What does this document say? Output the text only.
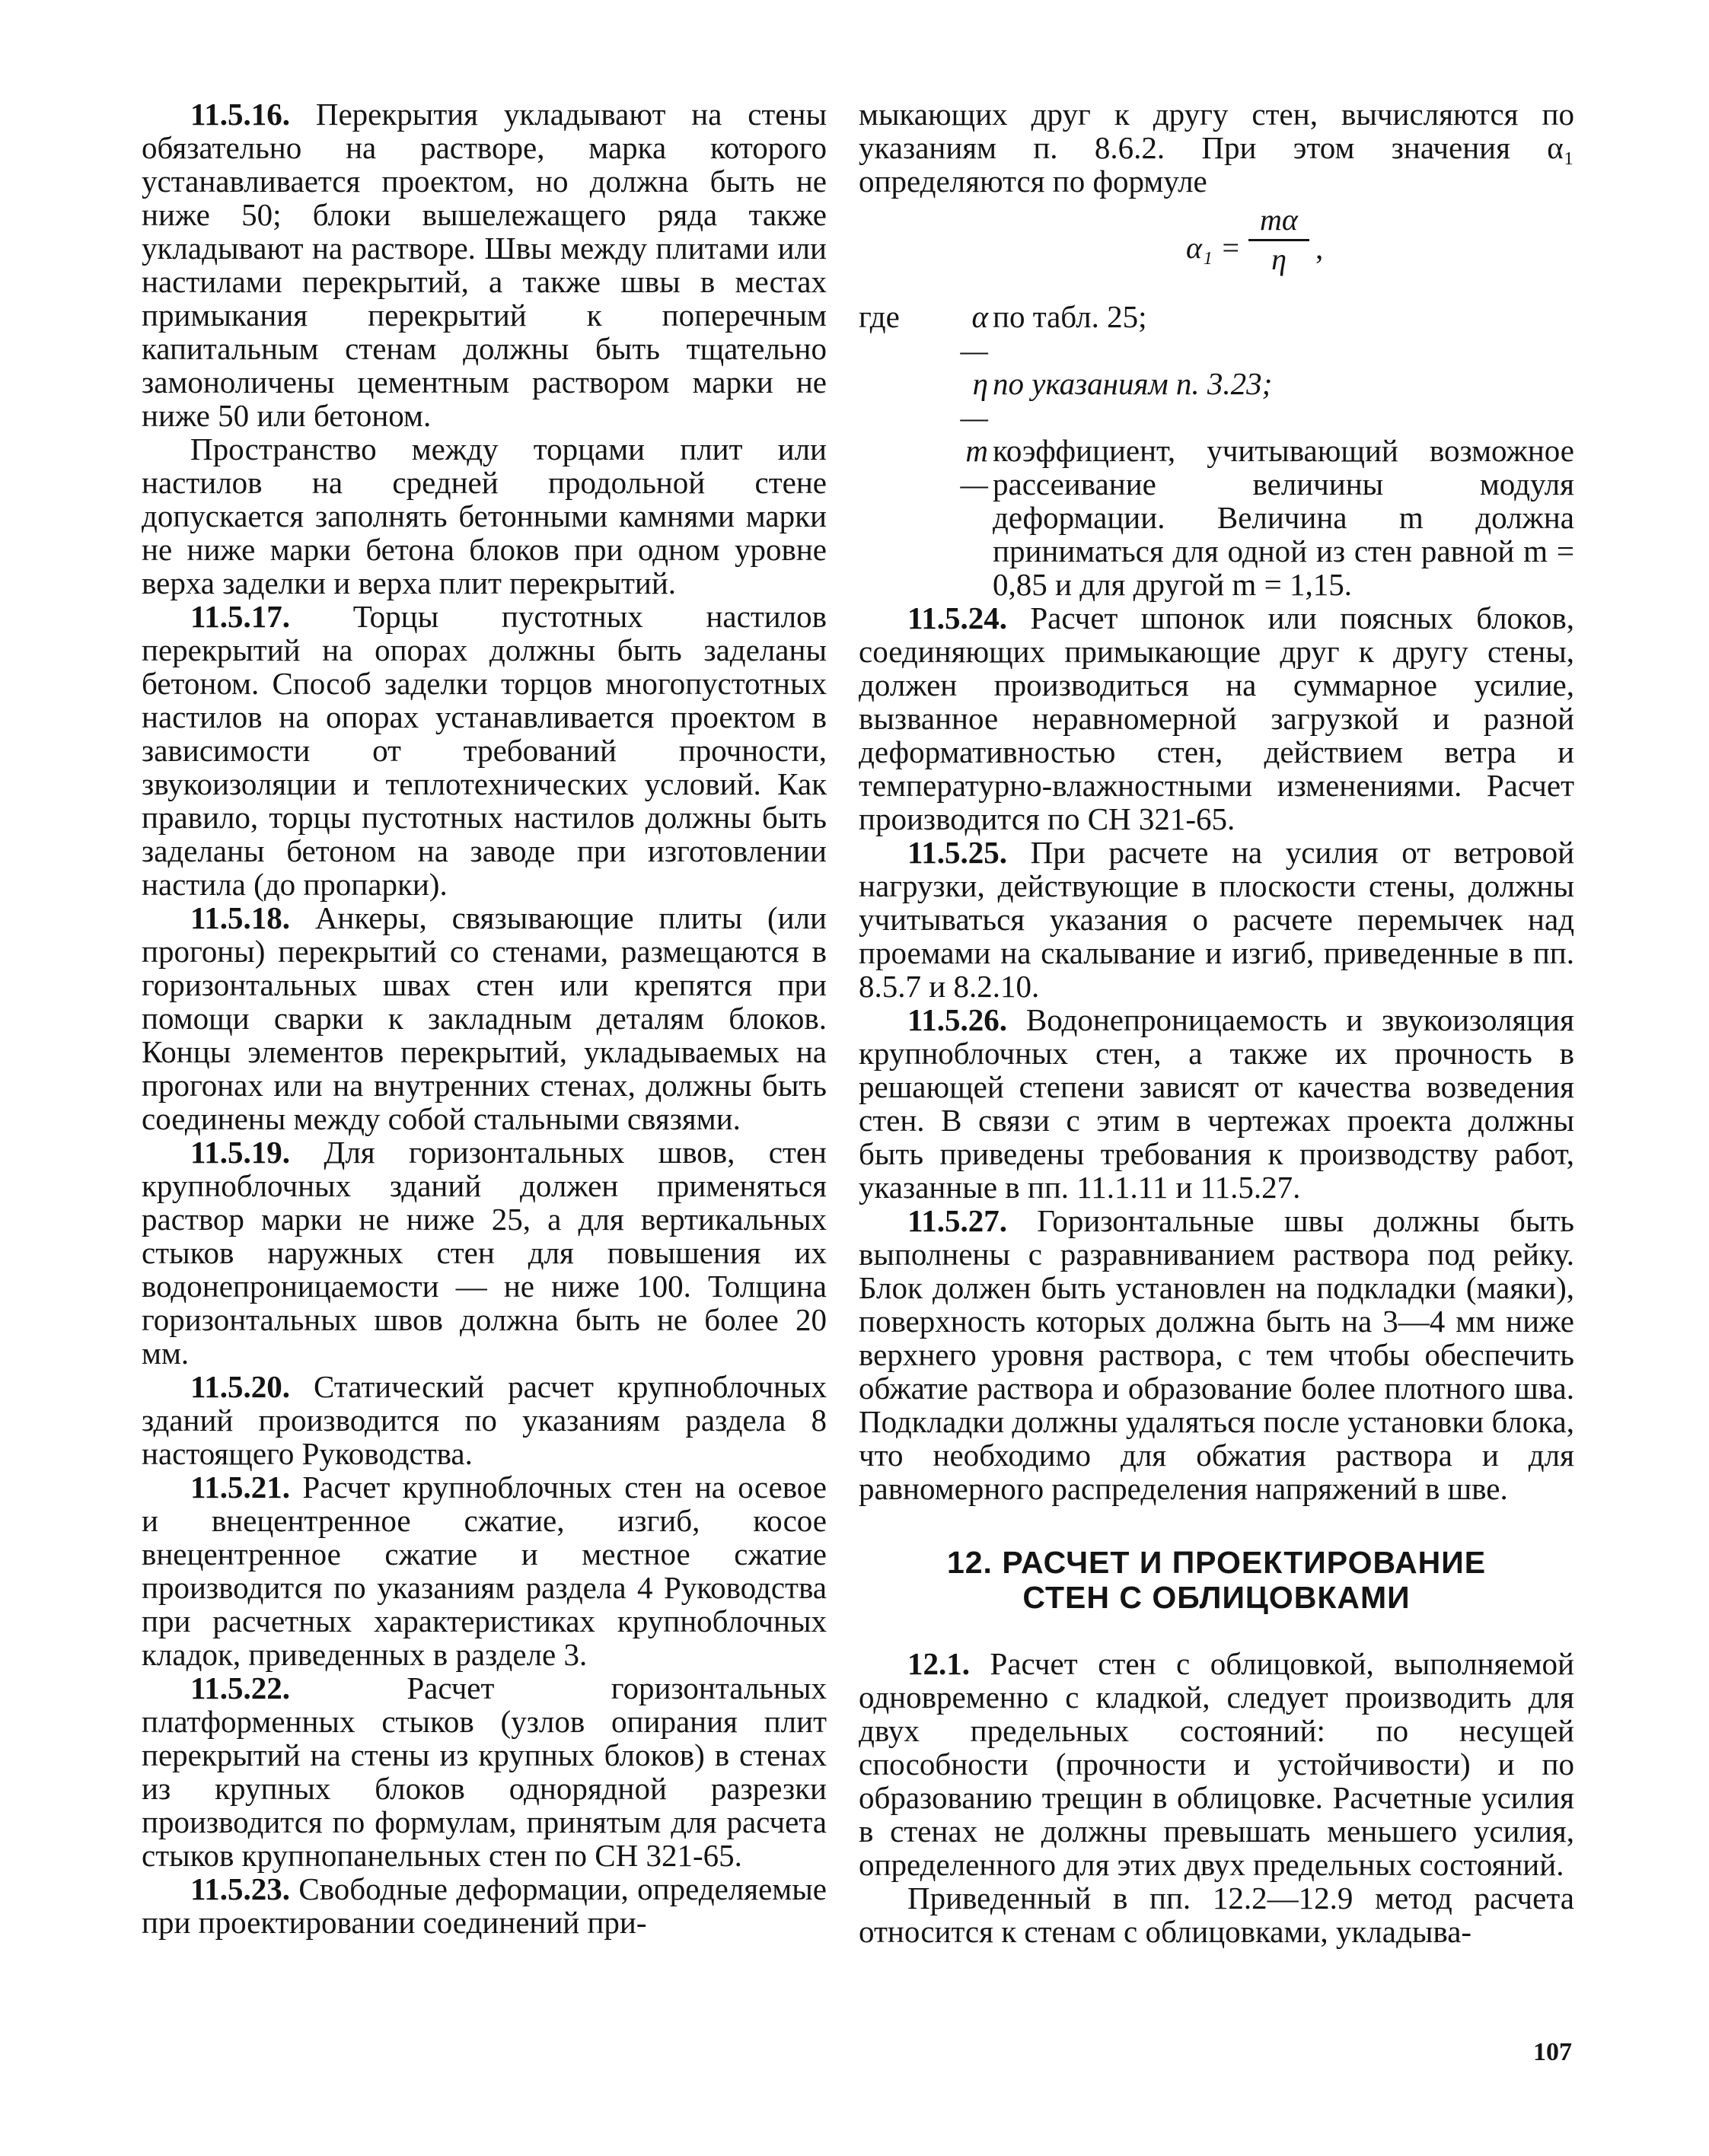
11.5.16. Перекрытия укладывают на стены обязательно на растворе, марка которого устанавливается проектом, но должна быть не ниже 50; блоки вышележащего ряда также укладывают на растворе. Швы между плитами или настилами перекрытий, а также швы в местах примыкания перекрытий к поперечным капитальным стенам должны быть тщательно замоноличены цементным раствором марки не ниже 50 или бетоном.

Пространство между торцами плит или настилов на средней продольной стене допускается заполнять бетонными камнями марки не ниже марки бетона блоков при одном уровне верха заделки и верха плит перекрытий.

11.5.17. Торцы пустотных настилов перекрытий на опорах должны быть заделаны бетоном. Способ заделки торцов многопустотных настилов на опорах устанавливается проектом в зависимости от требований прочности, звукоизоляции и теплотехнических условий. Как правило, торцы пустотных настилов должны быть заделаны бетоном на заводе при изготовлении настила (до пропарки).

11.5.18. Анкеры, связывающие плиты (или прогоны) перекрытий со стенами, размещаются в горизонтальных швах стен или крепятся при помощи сварки к закладным деталям блоков. Концы элементов перекрытий, укладываемых на прогонах или на внутренних стенах, должны быть соединены между собой стальными связями.

11.5.19. Для горизонтальных швов, стен крупноблочных зданий должен применяться раствор марки не ниже 25, а для вертикальных стыков наружных стен для повышения их водонепроницаемости — не ниже 100. Толщина горизонтальных швов должна быть не более 20 мм.

11.5.20. Статический расчет крупноблочных зданий производится по указаниям раздела 8 настоящего Руководства.

11.5.21. Расчет крупноблочных стен на осевое и внецентренное сжатие, изгиб, косое внецентренное сжатие и местное сжатие производится по указаниям раздела 4 Руководства при расчетных характеристиках крупноблочных кладок, приведенных в разделе 3.

11.5.22.	Расчет горизонтальных платформенных стыков (узлов опирания плит перекрытий на стены из крупных блоков) в стенах из крупных блоков однорядной разрезки производится по формулам, принятым для расчета стыков крупнопанельных стен по СН 321-65.

11.5.23. Свободные деформации, определяемые при проектировании соединений при-

мыкающих друг к другу стен, вычисляются по указаниям п. 8.6.2. При этом значения α₁ определяются по формуле

α₁ =
mα
η ,
где	α —
по табл. 25;
η —
по указаниям п. 3.23;
m —
коэффициент, учитывающий возможное рассеивание величины модуля деформации. Величина m должна приниматься для одной из стен равной m = 0,85 и для другой m = 1,15.

11.5.24. Расчет шпонок или поясных блоков, соединяющих примыкающие друг к другу стены, должен производиться на суммарное усилие, вызванное неравномерной загрузкой и разной деформативностью стен, действием ветра и температурно-влажностными изменениями. Расчет производится по СН 321-65.

11.5.25. При расчете на усилия от ветровой нагрузки, действующие в плоскости стены, должны учитываться указания о расчете перемычек над проемами на скалывание и изгиб, приведенные в пп. 8.5.7 и 8.2.10.

11.5.26. Водонепроницаемость и звукоизоляция крупноблочных стен, а также их прочность в решающей степени зависят от качества возведения стен. В связи с этим в чертежах проекта должны быть приведены требования к производству работ, указанные в пп. 11.1.11 и 11.5.27.

11.5.27. Горизонтальные швы должны быть выполнены с разравниванием раствора под рейку. Блок должен быть установлен на подкладки (маяки), поверхность которых должна быть на 3—4 мм ниже верхнего уровня раствора, с тем чтобы обеспечить обжатие раствора и образование более плотного шва. Подкладки должны удаляться после установки блока, что необходимо для обжатия раствора и для равномерного распределения напряжений в шве.

12. РАСЧЕТ И ПРОЕКТИРОВАНИЕ
СТЕН С ОБЛИЦОВКАМИ

12.1. Расчет стен с облицовкой, выполняемой одновременно с кладкой, следует производить для двух предельных состояний: по несущей способности (прочности и устойчивости) и по образованию трещин в облицовке. Расчетные усилия в стенах не должны превышать меньшего усилия, определенного для этих двух предельных состояний.

Приведенный в пп. 12.2—12.9 метод расчета относится к стенам с облицовками, укладыва-

107
